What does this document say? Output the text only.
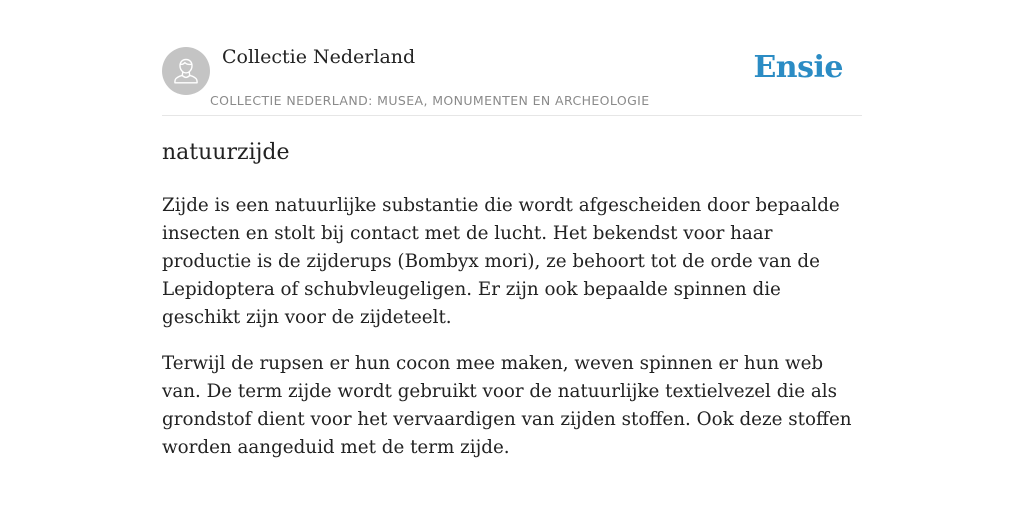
Collectie Nederland
COLLECTIE NEDERLAND: MUSEA, MONUMENTEN EN ARCHEOLOGIE
Ensie
natuurzijde

Zijde is een natuurlijke substantie die wordt afgescheiden door bepaalde insecten en stolt bij contact met de lucht. Het bekendst voor haar productie is de zijderups (Bombyx mori), ze behoort tot de orde van de Lepidoptera of schubvleugeligen. Er zijn ook bepaalde spinnen die geschikt zijn voor de zijdeteelt.

Terwijl de rupsen er hun cocon mee maken, weven spinnen er hun web van. De term zijde wordt gebruikt voor de natuurlijke textielvezel die als grondstof dient voor het vervaardigen van zijden stoffen. Ook deze stoffen worden aangeduid met de term zijde.
